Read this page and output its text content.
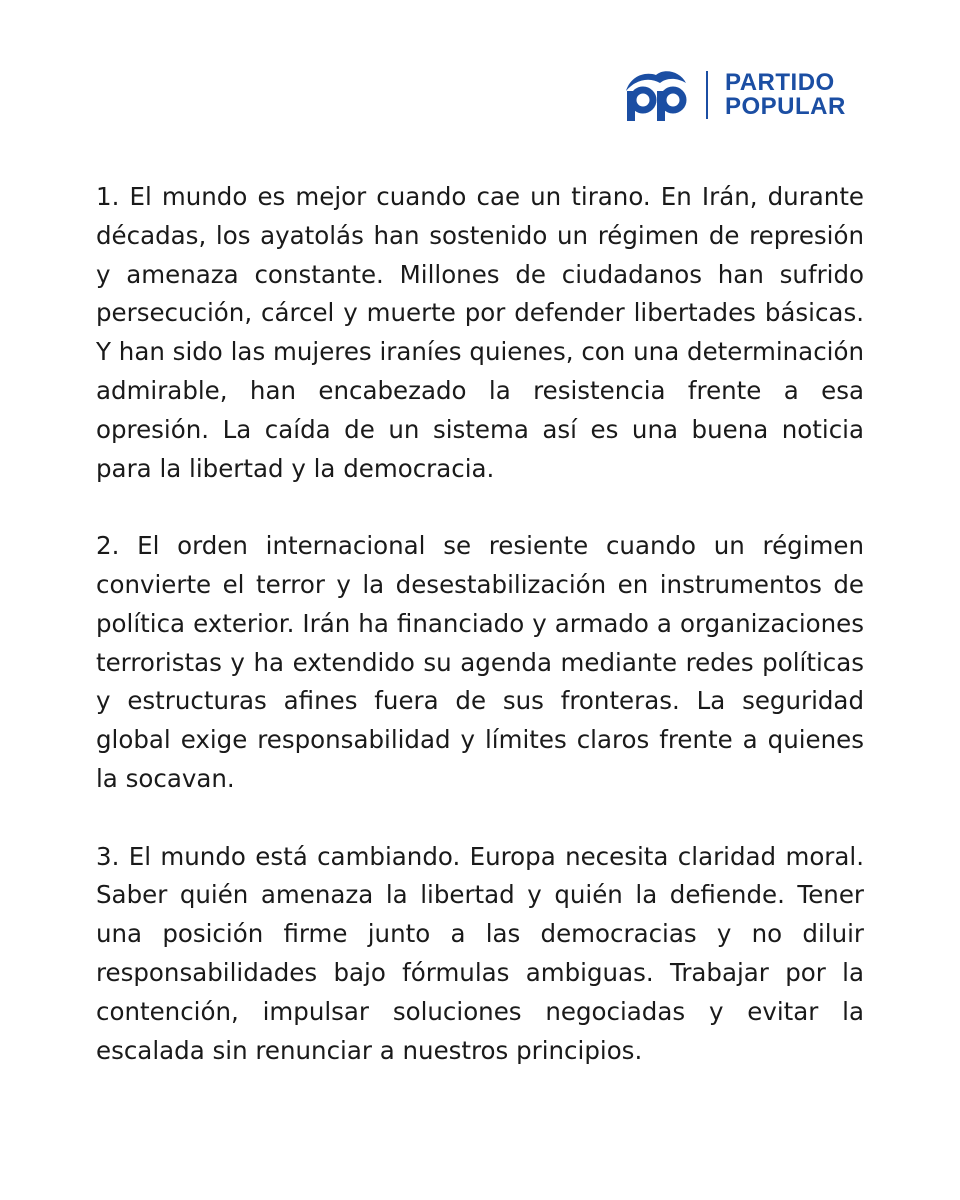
PARTIDO
POPULAR

1. El mundo es mejor cuando cae un tirano. En Irán, durante décadas, los ayatolás han sostenido un régimen de represión y amenaza constante. Millones de ciudadanos han sufrido persecución, cárcel y muerte por defender libertades básicas. Y han sido las mujeres iraníes quienes, con una determinación admirable, han encabezado la resistencia frente a esa opresión. La caída de un sistema así es una buena noticia para la libertad y la democracia.

2. El orden internacional se resiente cuando un régimen convierte el terror y la desestabilización en instrumentos de política exterior. Irán ha financiado y armado a organizaciones terroristas y ha extendido su agenda mediante redes políticas y estructuras afines fuera de sus fronteras. La seguridad global exige responsabilidad y límites claros frente a quienes la socavan.

3. El mundo está cambiando. Europa necesita claridad moral. Saber quién amenaza la libertad y quién la defiende. Tener una posición firme junto a las democracias y no diluir responsabilidades bajo fórmulas ambiguas. Trabajar por la contención, impulsar soluciones negociadas y evitar la escalada sin renunciar a nuestros principios.
